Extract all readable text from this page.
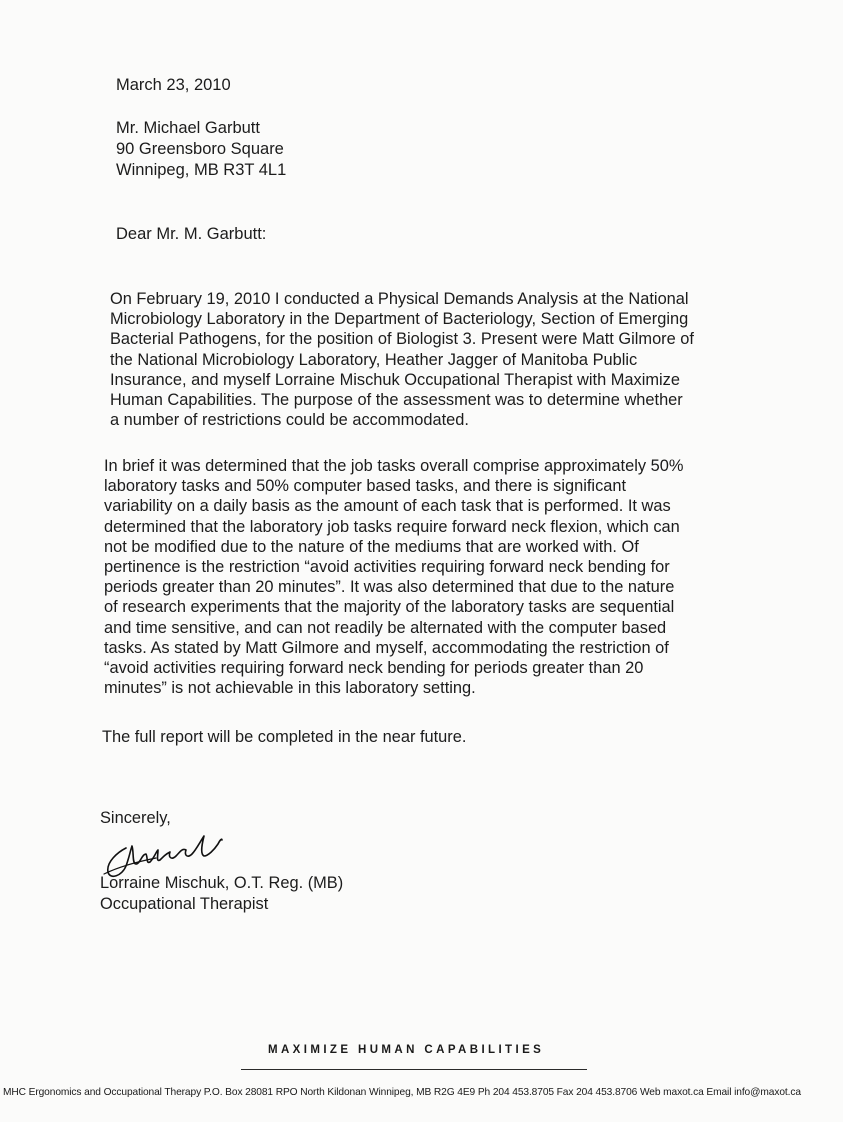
March 23, 2010
Mr. Michael Garbutt
90 Greensboro Square
Winnipeg, MB R3T 4L1
Dear Mr. M. Garbutt:
On February 19, 2010 I conducted a Physical Demands Analysis at the National
Microbiology Laboratory in the Department of Bacteriology, Section of Emerging
Bacterial Pathogens, for the position of Biologist 3. Present were Matt Gilmore of
the National Microbiology Laboratory, Heather Jagger of Manitoba Public
Insurance, and myself Lorraine Mischuk Occupational Therapist with Maximize
Human Capabilities. The purpose of the assessment was to determine whether
a number of restrictions could be accommodated.
In brief it was determined that the job tasks overall comprise approximately 50%
laboratory tasks and 50% computer based tasks, and there is significant
variability on a daily basis as the amount of each task that is performed. It was
determined that the laboratory job tasks require forward neck flexion, which can
not be modified due to the nature of the mediums that are worked with. Of
pertinence is the restriction “avoid activities requiring forward neck bending for
periods greater than 20 minutes”. It was also determined that due to the nature
of research experiments that the majority of the laboratory tasks are sequential
and time sensitive, and can not readily be alternated with the computer based
tasks. As stated by Matt Gilmore and myself, accommodating the restriction of
“avoid activities requiring forward neck bending for periods greater than 20
minutes” is not achievable in this laboratory setting.
The full report will be completed in the near future.
Sincerely,
Lorraine Mischuk, O.T. Reg. (MB)
Occupational Therapist
MAXIMIZE HUMAN CAPABILITIES
MHC Ergonomics and Occupational Therapy P.O. Box 28081 RPO North Kildonan Winnipeg, MB R2G 4E9 Ph 204 453.8705 Fax 204 453.8706 Web maxot.ca Email info@maxot.ca
